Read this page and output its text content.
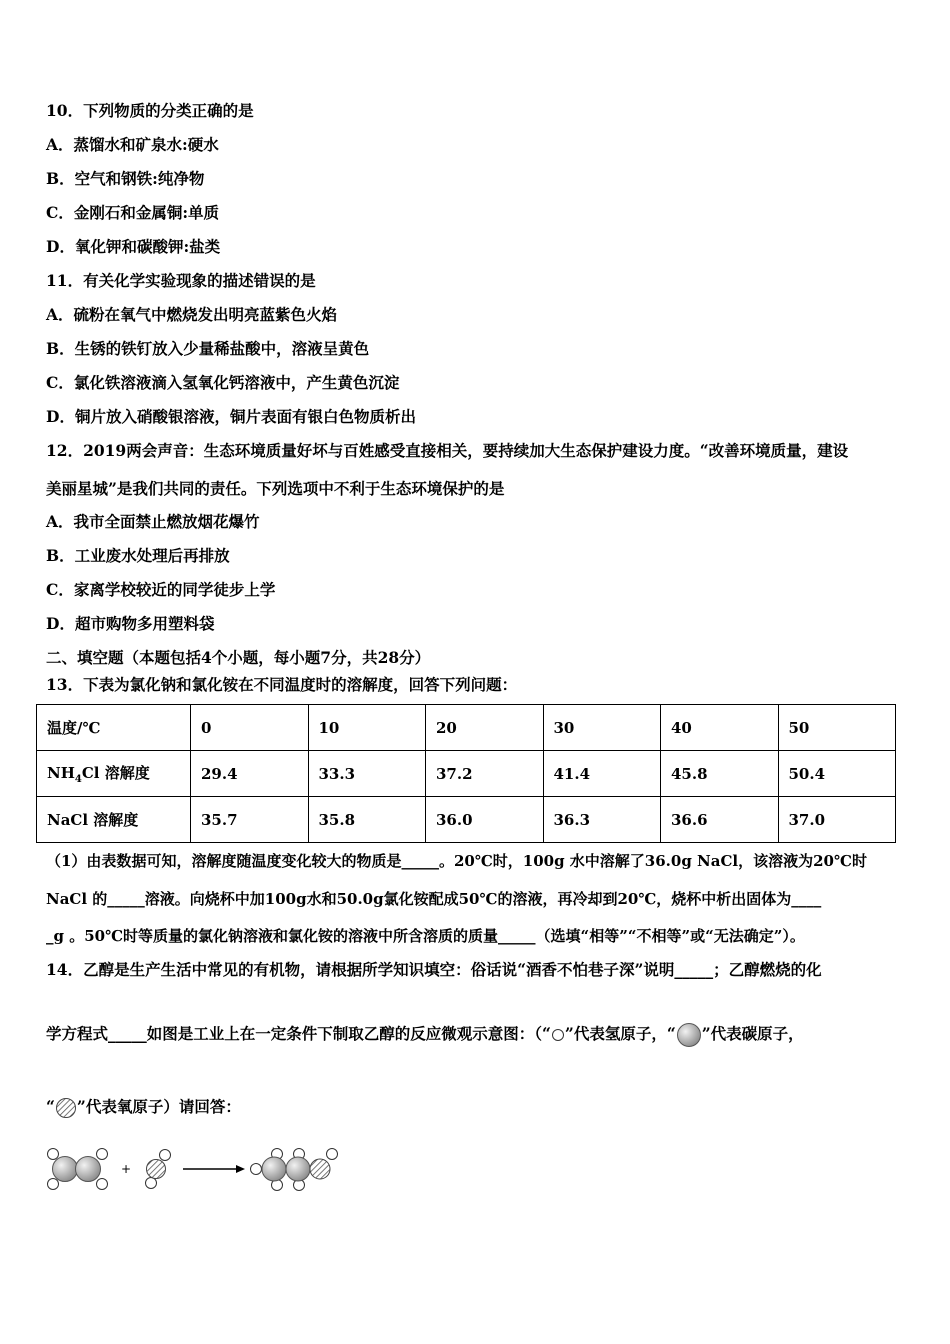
10．下列物质的分类正确的是
A．蒸馏水和矿泉水:硬水
B．空气和钢铁:纯净物
C．金刚石和金属铜:单质
D．氧化钾和碳酸钾:盐类
11．有关化学实验现象的描述错误的是
A．硫粉在氧气中燃烧发出明亮蓝紫色火焰
B．生锈的铁钉放入少量稀盐酸中，溶液呈黄色
C．氯化铁溶液滴入氢氧化钙溶液中，产生黄色沉淀
D．铜片放入硝酸银溶液，铜片表面有银白色物质析出
12．2019两会声音：生态环境质量好坏与百姓感受直接相关，要持续加大生态保护建设力度。“改善环境质量，建设
美丽星城”是我们共同的责任。下列选项中不利于生态环境保护的是
A．我市全面禁止燃放烟花爆竹
B．工业废水处理后再排放
C．家离学校较近的同学徒步上学
D．超市购物多用塑料袋
二、填空题（本题包括4个小题，每小题7分，共28分）
13．下表为氯化钠和氯化铵在不同温度时的溶解度，回答下列问题：
温度/℃	0	10	20	30	40	50
$NH_4Cl$ 溶解度	29.4	33.3	37.2	41.4	45.8	50.4
NaCl 溶解度	35.7	35.8	36.0	36.3	36.6	37.0
（1）由表数据可知，溶解度随温度变化较大的物质是_____。20℃时，100g 水中溶解了36.0g NaCl，该溶液为20℃时
NaCl 的_____溶液。向烧杯中加100g水和50.0g氯化铵配成50℃的溶液，再冷却到20℃，烧杯中析出固体为____
_g 。50℃时等质量的氯化钠溶液和氯化铵的溶液中所含溶质的质量_____（选填“相等”“不相等”或“无法确定”）。
14．乙醇是生产生活中常见的有机物，请根据所学知识填空：俗话说“酒香不怕巷子深”说明_____；乙醇燃烧的化
学方程式_____如图是工业上在一定条件下制取乙醇的反应微观示意图：（“ ”代表氢原子，“ ”代表碳原子，
“ ”代表氧原子）请回答：
+
